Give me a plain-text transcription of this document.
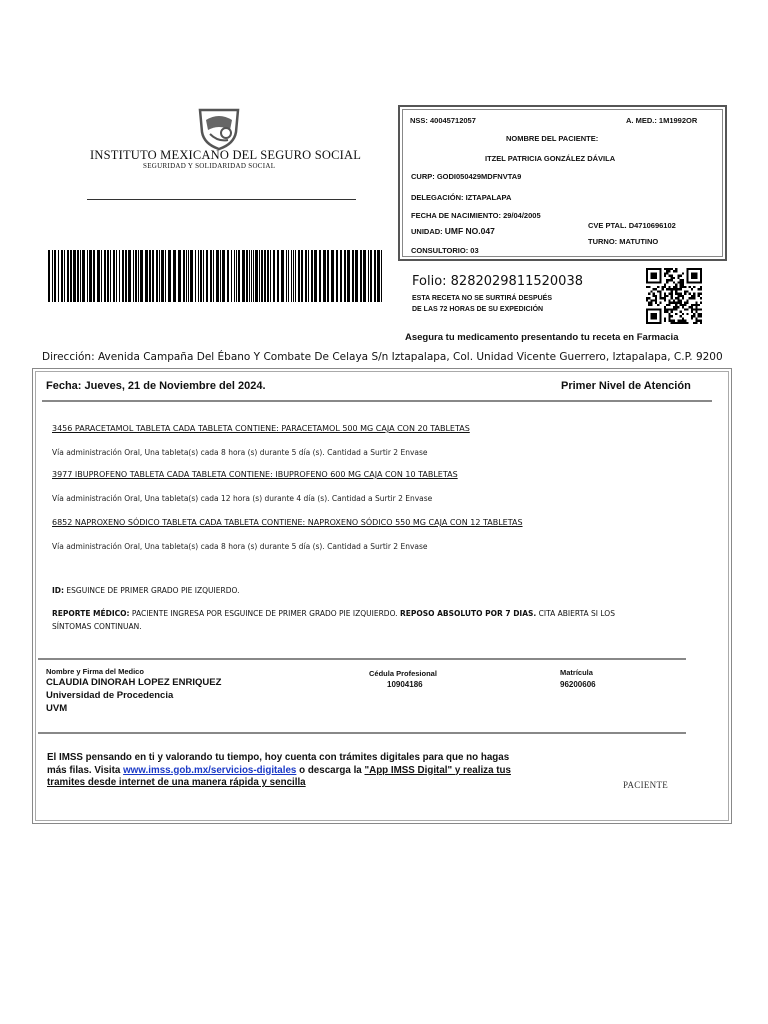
INSTITUTO MEXICANO DEL SEGURO SOCIAL
SEGURIDAD Y SOLIDARIDAD SOCIAL
NSS: 40045712057	A. MED.: 1M1992OR
NOMBRE DEL PACIENTE:
ITZEL PATRICIA GONZÁLEZ DÁVILA
CURP: GODI050429MDFNVTA9
DELEGACIÓN: IZTAPALAPA
FECHA DE NACIMIENTO: 29/04/2005
UNIDAD: UMF NO.047
CVE PTAL. D4710696102
TURNO: MATUTINO
CONSULTORIO: 03
Folio: 8282029811520038
ESTA RECETA NO SE SURTIRÁ DESPUÉS
DE LAS 72 HORAS DE SU EXPEDICIÓN
Asegura tu medicamento presentando tu receta en Farmacia
Dirección: Avenida Campaña Del Ébano Y Combate De Celaya S/n Iztapalapa, Col. Unidad Vicente Guerrero, Iztapalapa, C.P. 9200
Fecha: Jueves, 21 de Noviembre del 2024.	Primer Nivel de Atención
3456 PARACETAMOL TABLETA CADA TABLETA CONTIENE: PARACETAMOL 500 MG CAJA CON 20 TABLETAS
Vía administración Oral, Una tableta(s) cada 8 hora (s) durante 5 día (s). Cantidad a Surtir 2 Envase
3977 IBUPROFENO TABLETA CADA TABLETA CONTIENE: IBUPROFENO 600 MG CAJA CON 10 TABLETAS
Vía administración Oral, Una tableta(s) cada 12 hora (s) durante 4 día (s). Cantidad a Surtir 2 Envase
6852 NAPROXENO SÓDICO TABLETA CADA TABLETA CONTIENE: NAPROXENO SÓDICO 550 MG CAJA CON 12 TABLETAS
Vía administración Oral, Una tableta(s) cada 8 hora (s) durante 5 día (s). Cantidad a Surtir 2 Envase
ID: ESGUINCE DE PRIMER GRADO PIE IZQUIERDO.
REPORTE MÉDICO: PACIENTE INGRESA POR ESGUINCE DE PRIMER GRADO PIE IZQUIERDO. REPOSO ABSOLUTO POR 7 DIAS. CITA ABIERTA SI LOS
SÍNTOMAS CONTINUAN.
Nombre y Firma del Medico
CLAUDIA DINORAH LOPEZ ENRIQUEZ
Universidad de Procedencia
UVM
Cédula Profesional
10904186
Matrícula
96200606
El IMSS pensando en ti y valorando tu tiempo, hoy cuenta con trámites digitales para que no hagas
más filas. Visita www.imss.gob.mx/servicios-digitales o descarga la "App IMSS Digital" y realiza tus
tramites desde internet de una manera rápida y sencilla	PACIENTE
